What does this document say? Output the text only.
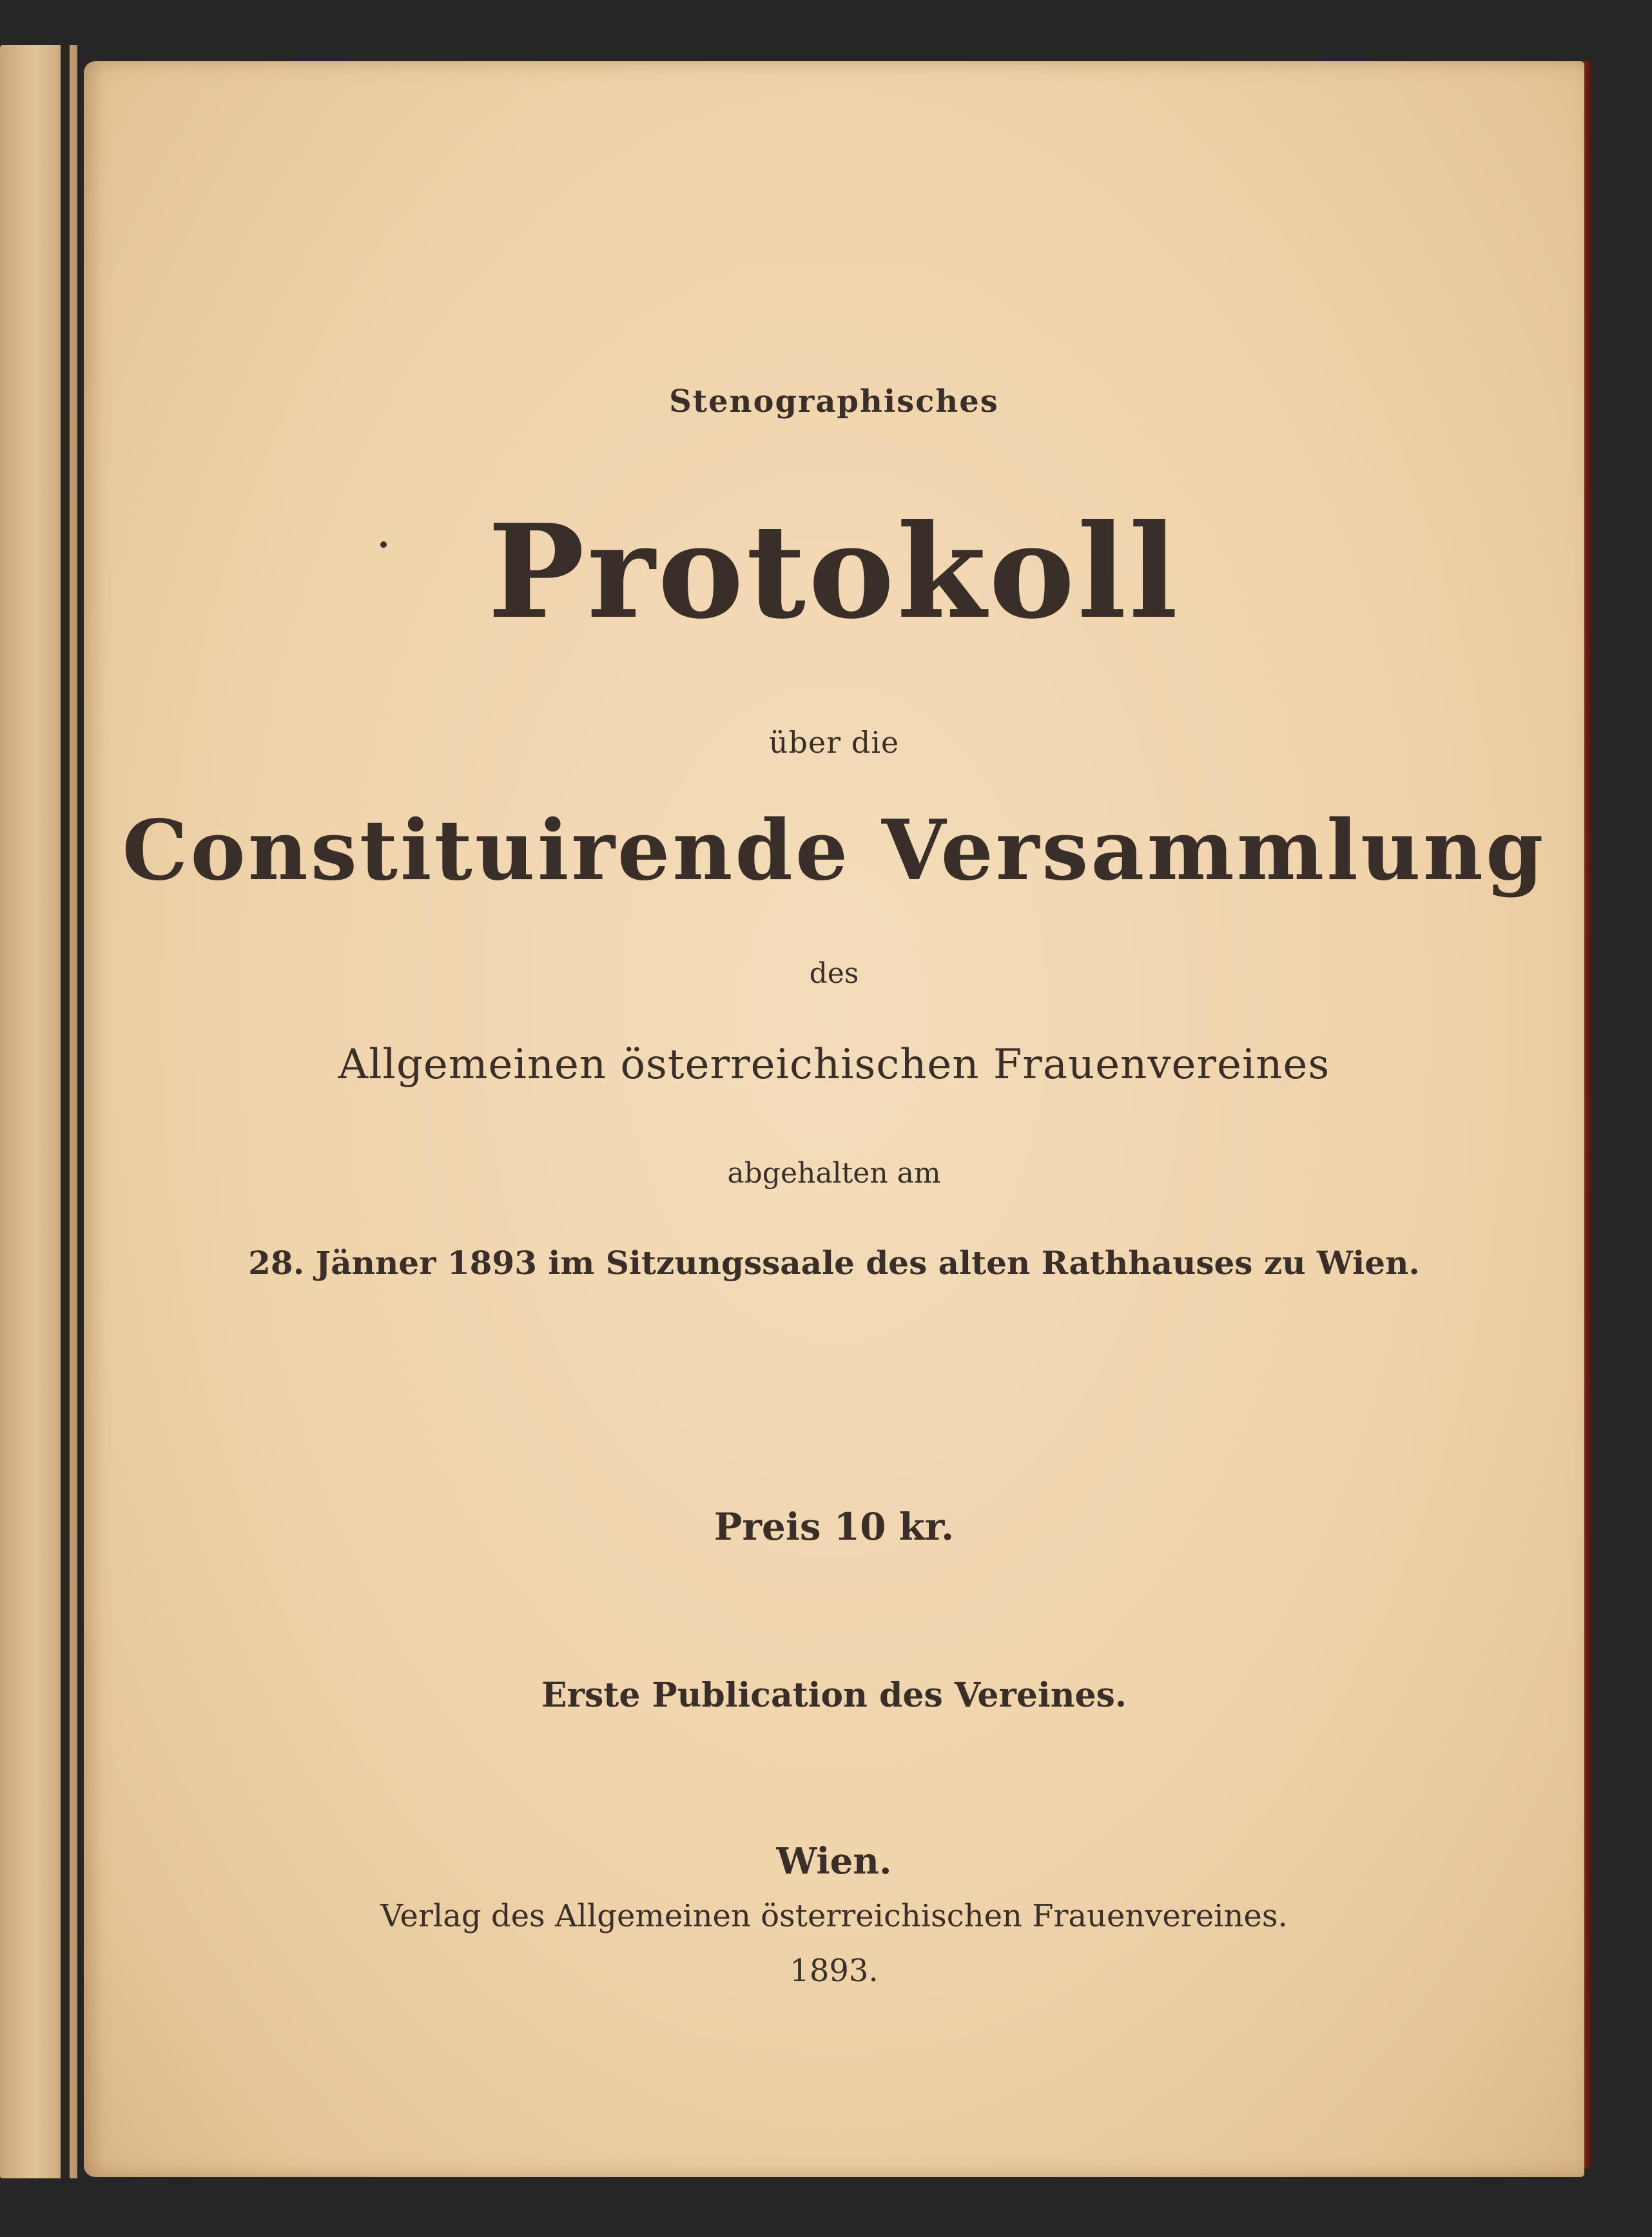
Stenographisches
Protokoll
über die
Constituirende Versammlung
des
Allgemeinen österreichischen Frauenvereines
abgehalten am
28. Jänner 1893 im Sitzungssaale des alten Rathhauses zu Wien.
Preis 10 kr.
Erste Publication des Vereines.
Wien.
Verlag des Allgemeinen österreichischen Frauenvereines.
1893.
